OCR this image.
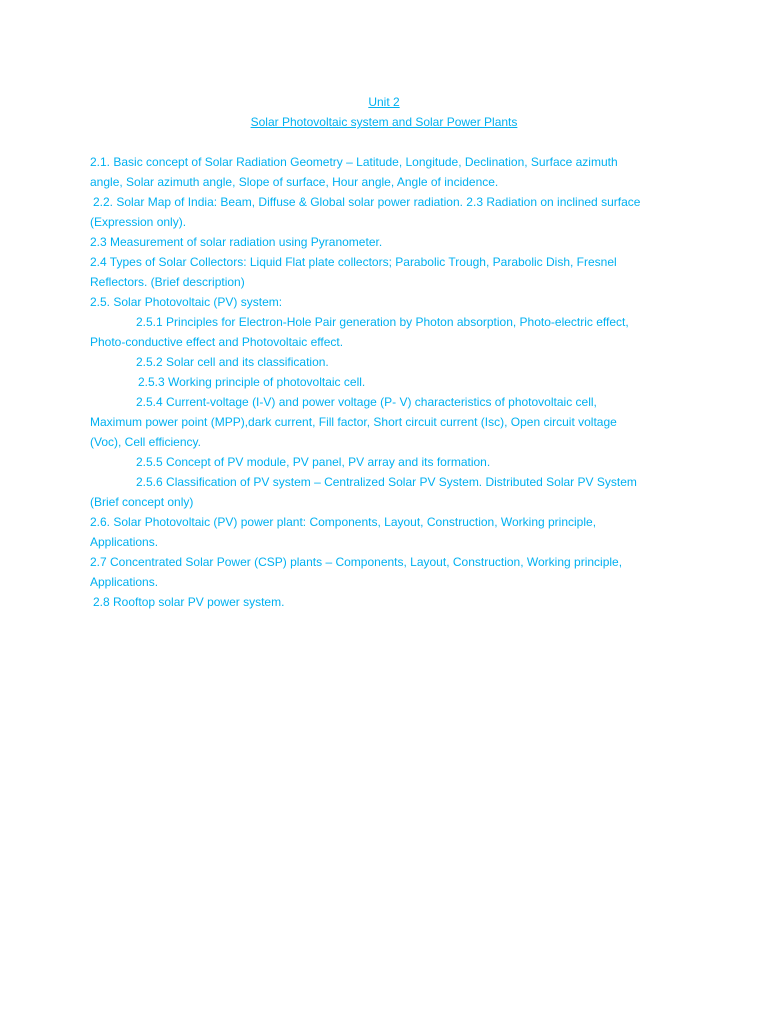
Unit 2
Solar Photovoltaic system and Solar Power Plants
2.1. Basic concept of Solar Radiation Geometry – Latitude, Longitude, Declination, Surface azimuth
angle, Solar azimuth angle, Slope of surface, Hour angle, Angle of incidence.
2.2. Solar Map of India: Beam, Diffuse & Global solar power radiation. 2.3 Radiation on inclined surface
(Expression only).
2.3 Measurement of solar radiation using Pyranometer.
2.4 Types of Solar Collectors: Liquid Flat plate collectors; Parabolic Trough, Parabolic Dish, Fresnel
Reflectors. (Brief description)
2.5. Solar Photovoltaic (PV) system:
2.5.1 Principles for Electron-Hole Pair generation by Photon absorption, Photo-electric effect,
Photo-conductive effect and Photovoltaic effect.
2.5.2 Solar cell and its classification.
2.5.3 Working principle of photovoltaic cell.
2.5.4 Current-voltage (I-V) and power voltage (P- V) characteristics of photovoltaic cell,
Maximum power point (MPP),dark current, Fill factor, Short circuit current (Isc), Open circuit voltage
(Voc), Cell efficiency.
2.5.5 Concept of PV module, PV panel, PV array and its formation.
2.5.6 Classification of PV system – Centralized Solar PV System. Distributed Solar PV System
(Brief concept only)
2.6. Solar Photovoltaic (PV) power plant: Components, Layout, Construction, Working principle,
Applications.
2.7 Concentrated Solar Power (CSP) plants – Components, Layout, Construction, Working principle,
Applications.
2.8 Rooftop solar PV power system.
